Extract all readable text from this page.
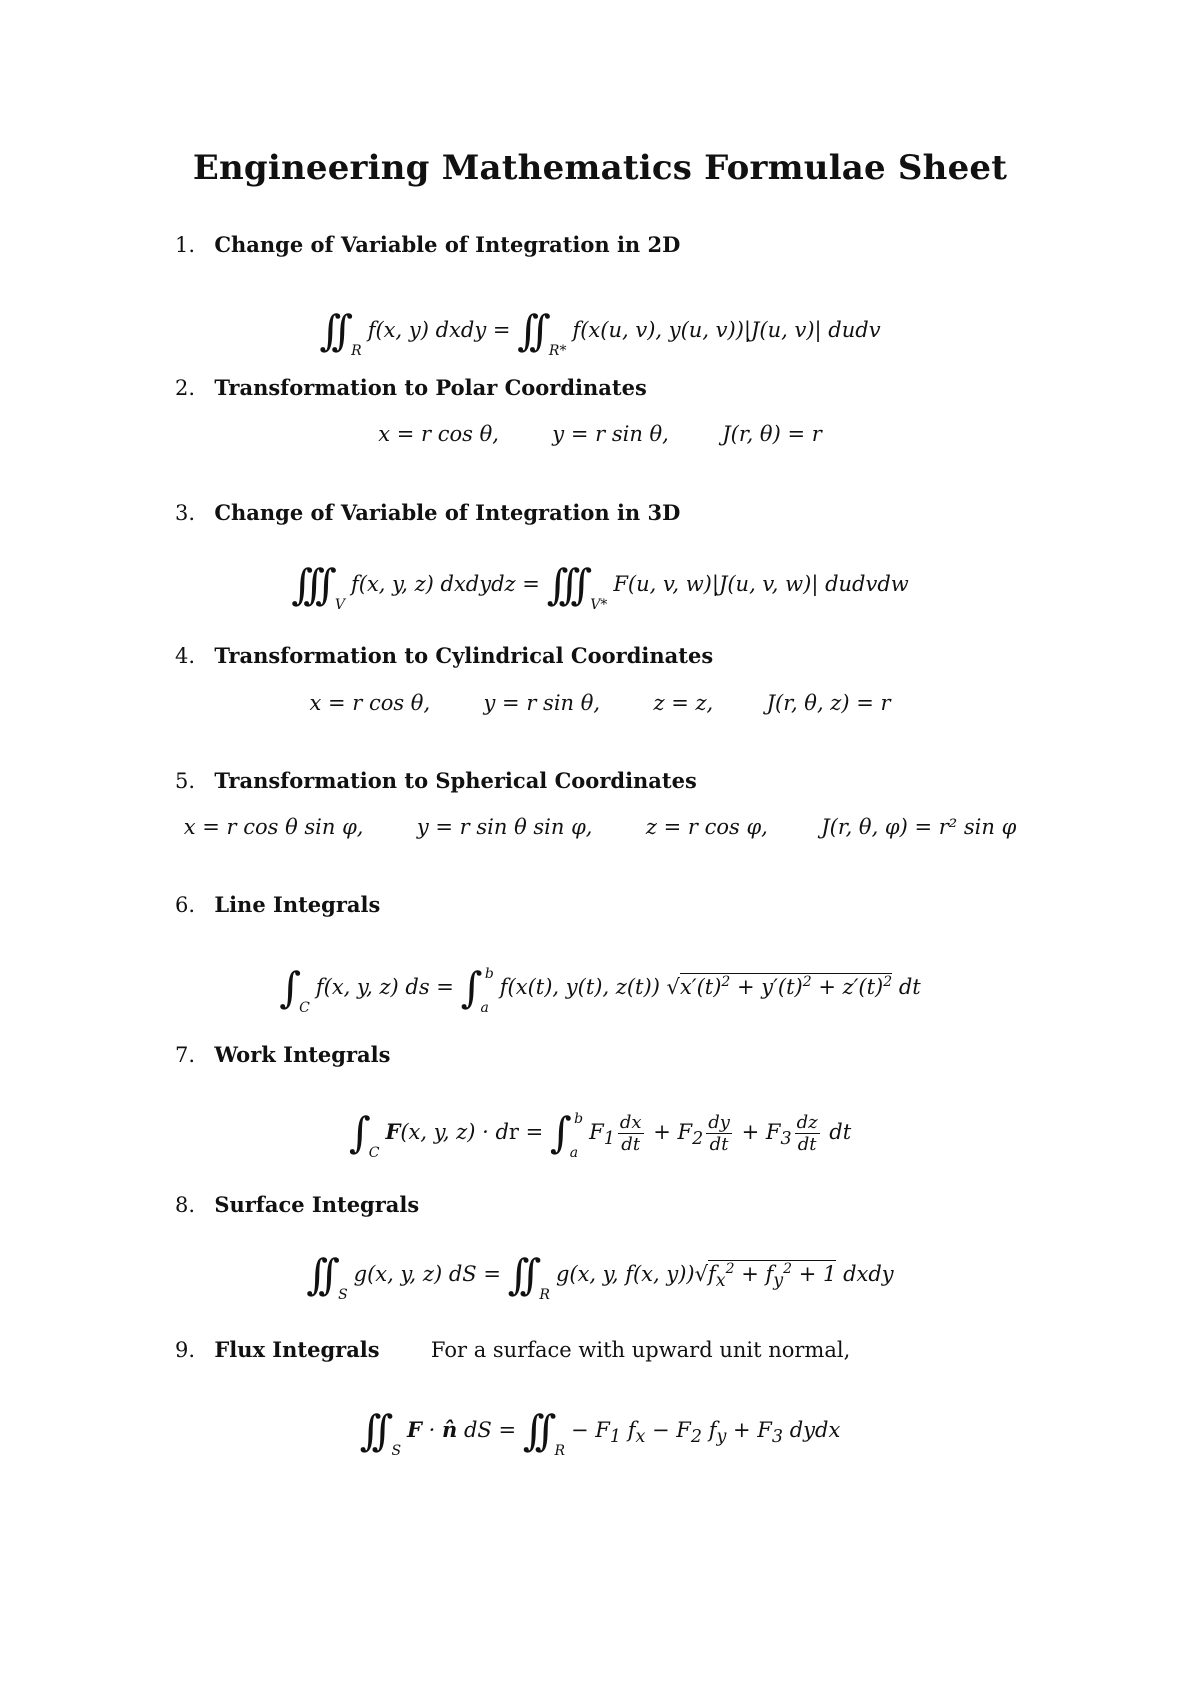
Engineering Mathematics Formulae Sheet
1. Change of Variable of Integration in 2D
∫∫ $_R$f(x, y) dxdy = ∫∫ $_{R*}$f(x(u, v), y(u, v))|J(u, v)| dudv
2. Transformation to Polar Coordinates
x = r cos θ,        y = r sin θ,        J(r, θ) = r
3. Change of Variable of Integration in 3D
∫∫∫ $_V$f(x, y, z) dxdydz = ∫∫∫ $_{V*}$F(u, v, w)|J(u, v, w)| dudvdw
4. Transformation to Cylindrical Coordinates
x = r cos θ,        y = r sin θ,        z = z,        J(r, θ, z) = r
5. Transformation to Spherical Coordinates
x = r cos θ sin φ,        y = r sin θ sin φ,        z = r cos φ,        J(r, θ, φ) = r² sin φ
6. Line Integrals
∫ $_C$f(x, y, z) ds = ∫ $_a^b$f(x(t), y(t), z(t)) $√x'(t)^2 + y'(t)^2 + z'(t)^2$ dt
7. Work Integrals
∫ $_C$F(x, y, z) · dr = ∫ $_a^bF_1 \frac{dx}{dt} + F_2 \frac{dy}{dt} + F_3 \frac{dz}{dt}$ dt
8. Surface Integrals
∫∫ $_S$g(x, y, z) dS = ∫∫ $_R$g(x, y, f(x, $y))√f_x^2 + f_y^2 + 1$ dxdy
9. Flux Integrals For a surface with upward unit normal,
∫∫ $_S$F · n̂ dS = ∫∫ $_R- F_1$ $f_x - F_2$ $f_y + F_3$ dydx
